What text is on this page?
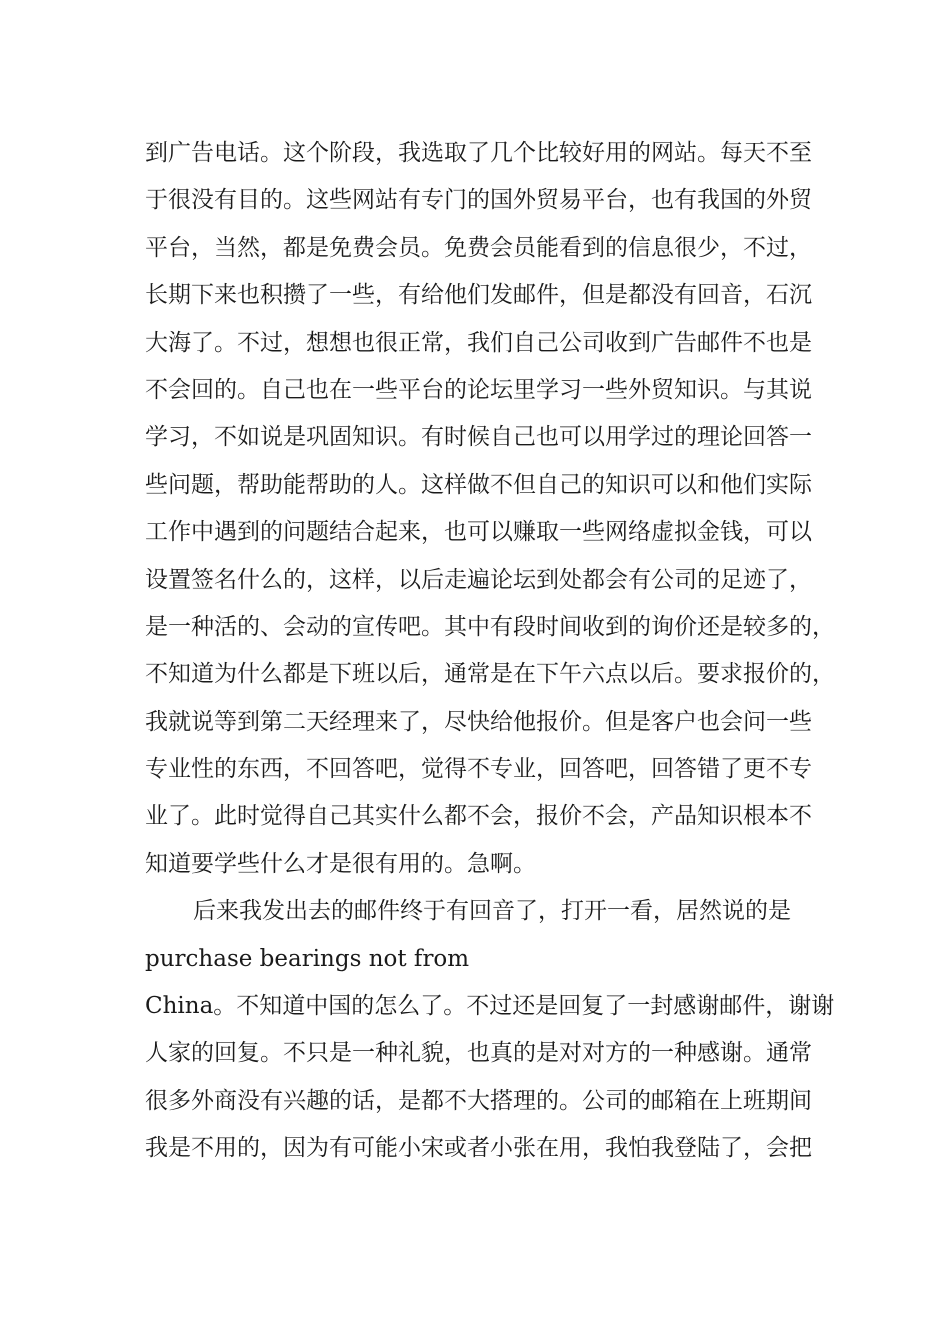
到广告电话。这个阶段，我选取了几个比较好用的网站。每天不至
于很没有目的。这些网站有专门的国外贸易平台，也有我国的外贸
平台，当然，都是免费会员。免费会员能看到的信息很少，不过，
长期下来也积攒了一些，有给他们发邮件，但是都没有回音，石沉
大海了。不过，想想也很正常，我们自己公司收到广告邮件不也是
不会回的。自己也在一些平台的论坛里学习一些外贸知识。与其说
学习，不如说是巩固知识。有时候自己也可以用学过的理论回答一
些问题，帮助能帮助的人。这样做不但自己的知识可以和他们实际
工作中遇到的问题结合起来，也可以赚取一些网络虚拟金钱，可以
设置签名什么的，这样，以后走遍论坛到处都会有公司的足迹了，
是一种活的、会动的宣传吧。其中有段时间收到的询价还是较多的，
不知道为什么都是下班以后，通常是在下午六点以后。要求报价的，
我就说等到第二天经理来了，尽快给他报价。但是客户也会问一些
专业性的东西，不回答吧，觉得不专业，回答吧，回答错了更不专
业了。此时觉得自己其实什么都不会，报价不会，产品知识根本不
知道要学些什么才是很有用的。急啊。
后来我发出去的邮件终于有回音了，打开一看，居然说的是
purchase bearings not from
China。不知道中国的怎么了。不过还是回复了一封感谢邮件，谢谢
人家的回复。不只是一种礼貌，也真的是对对方的一种感谢。通常
很多外商没有兴趣的话，是都不大搭理的。公司的邮箱在上班期间
我是不用的，因为有可能小宋或者小张在用，我怕我登陆了，会把
